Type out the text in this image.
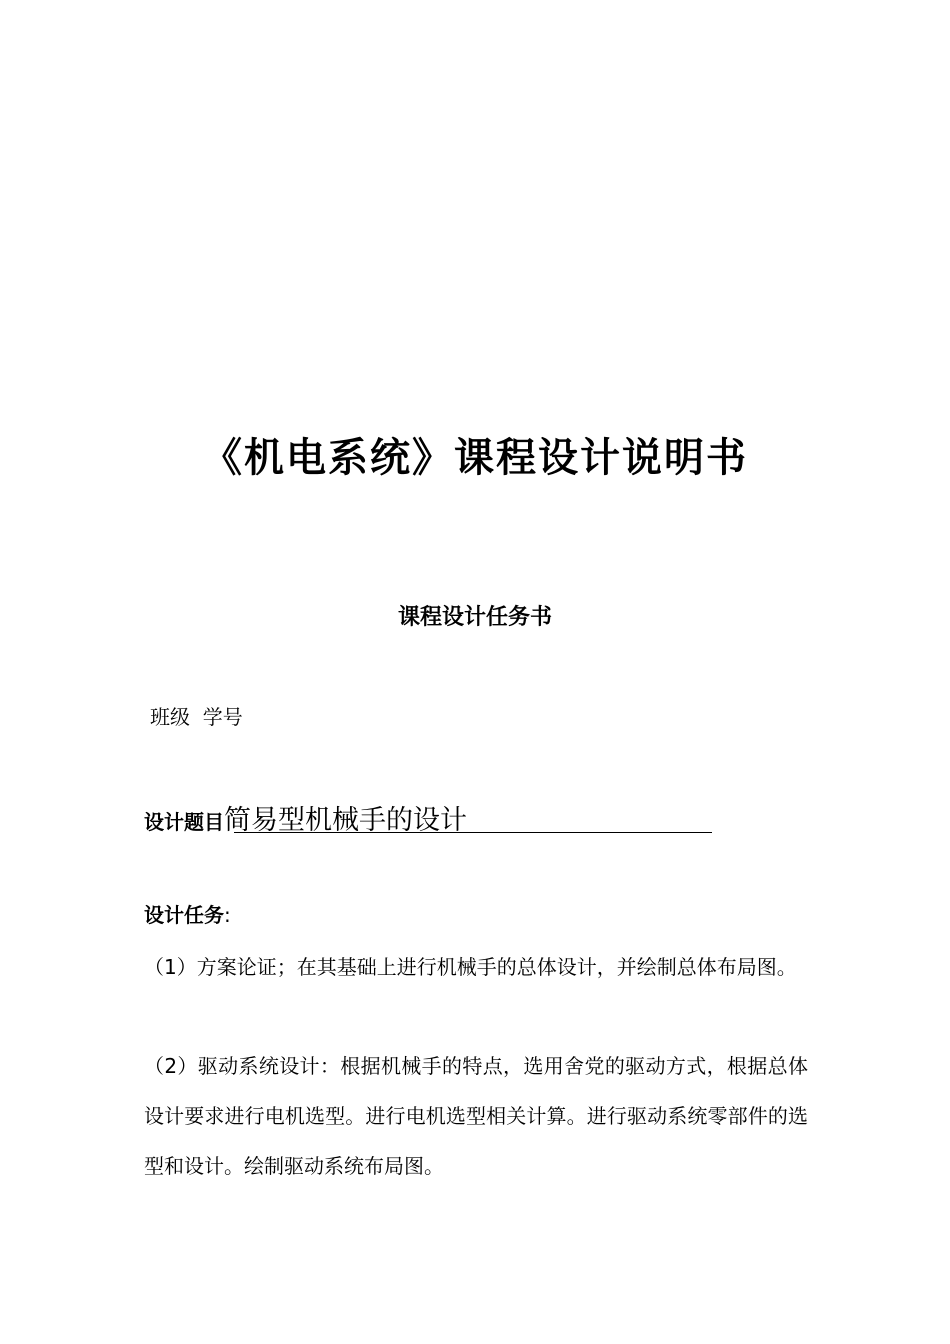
《机电系统》课程设计说明书
课程设计任务书
班级  学号
设计题目简易型机械手的设计
设计任务:

（1）方案论证；在其基础上进行机械手的总体设计，并绘制总体布局图。

（2）驱动系统设计：根据机械手的特点，选用舍党的驱动方式，根据总体设计要求进行电机选型。进行电机选型相关计算。进行驱动系统零部件的选型和设计。绘制驱动系统布局图。
